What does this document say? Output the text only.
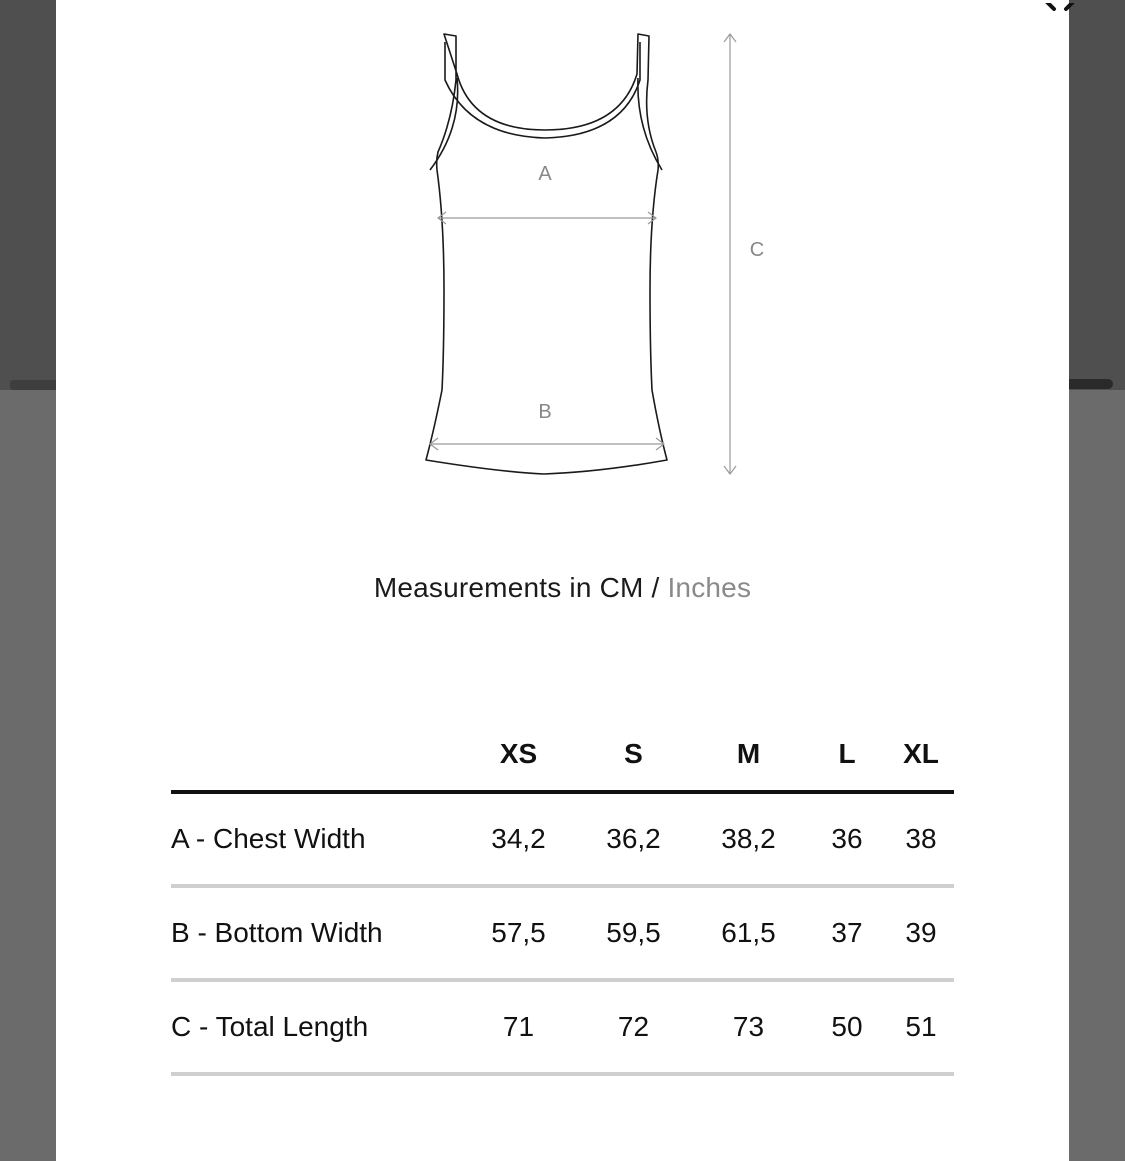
A
B
C
Measurements in CM / Inches
	XS	S	M	L	XL
A - Chest Width	34,2	36,2	38,2	36	38
B - Bottom Width	57,5	59,5	61,5	37	39
C - Total Length	71	72	73	50	51
